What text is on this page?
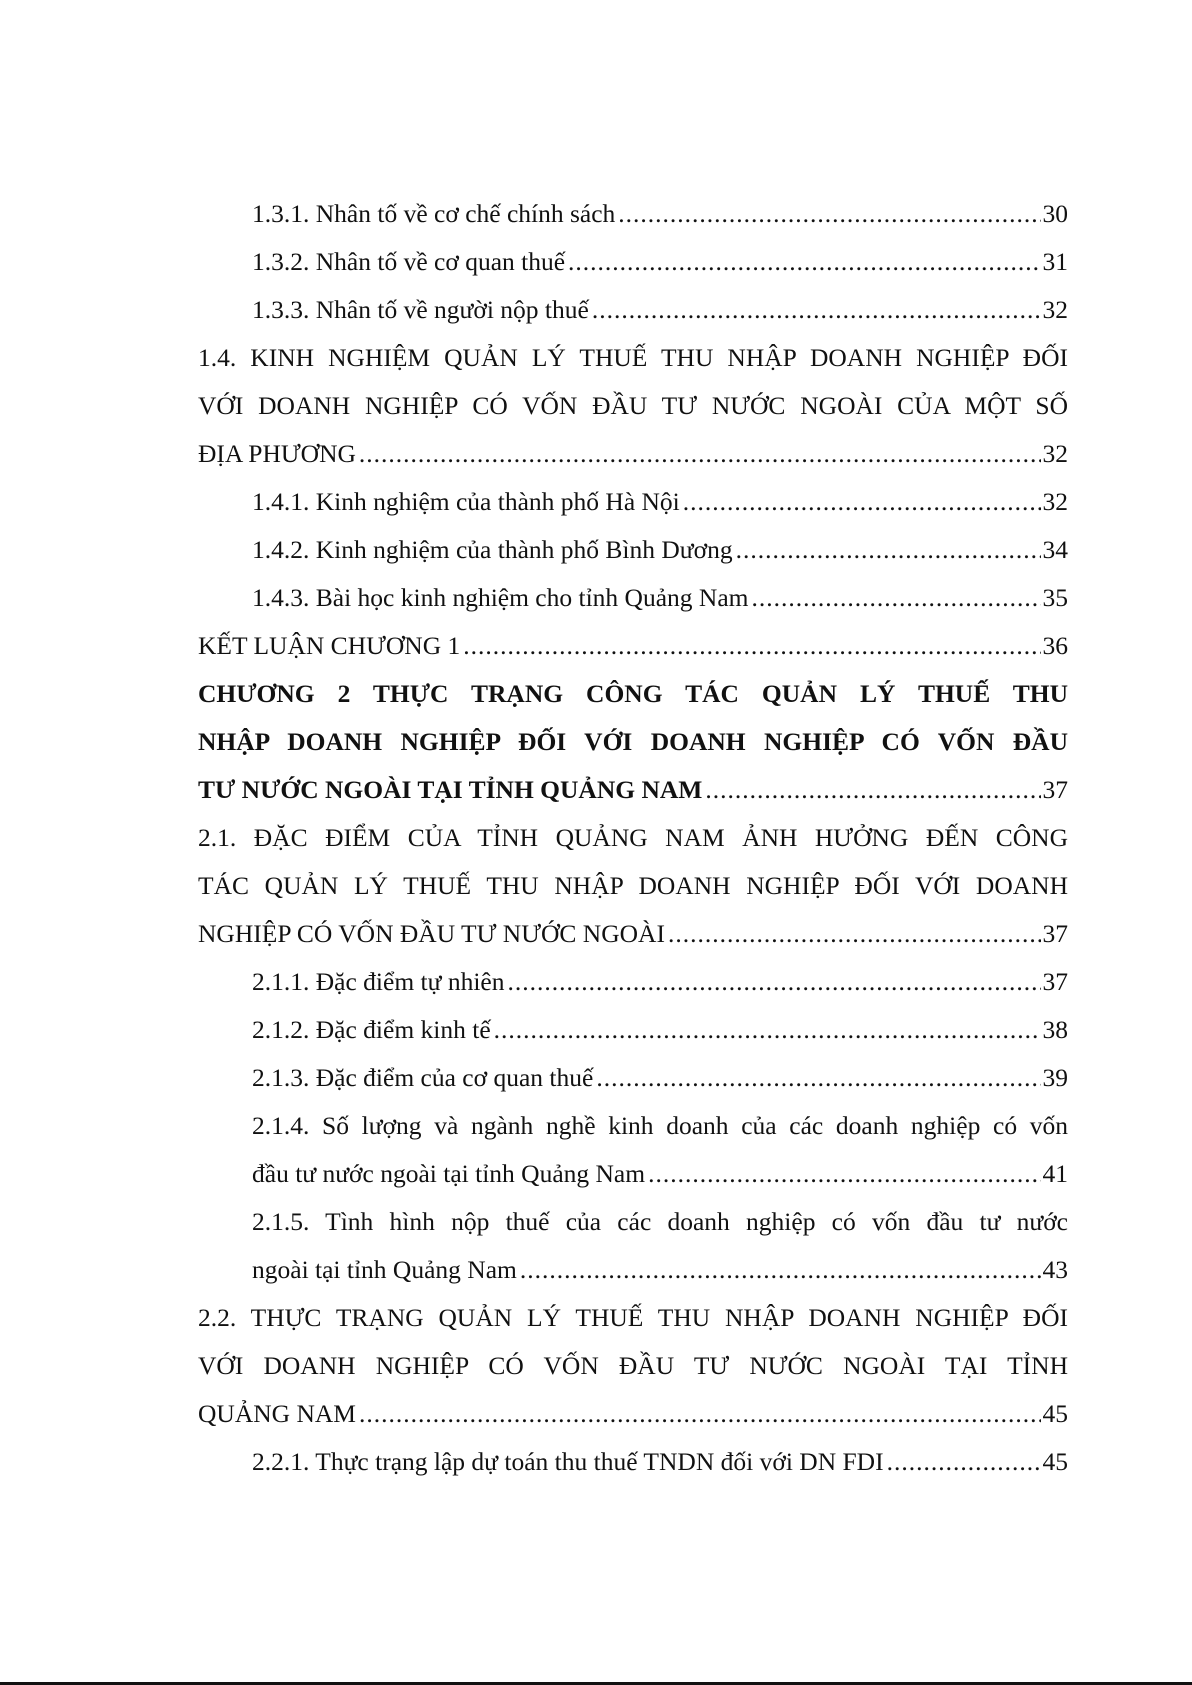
1.3.1. Nhân tố về cơ chế chính sách .....	30
1.3.2. Nhân tố về cơ quan thuế .....	31
1.3.3. Nhân tố về người nộp thuế .....	32
1.4. KINH NGHIỆM QUẢN LÝ THUẾ THU NHẬP DOANH NGHIỆP ĐỐI
VỚI DOANH NGHIỆP CÓ VỐN ĐẦU TƯ NƯỚC NGOÀI CỦA MỘT SỐ
ĐỊA PHƯƠNG .....	32
1.4.1. Kinh nghiệm của thành phố Hà Nội .....	32
1.4.2. Kinh nghiệm của thành phố Bình Dương .....	34
1.4.3. Bài học kinh nghiệm cho tỉnh Quảng Nam .....	35
KẾT LUẬN CHƯƠNG 1 .....	36
CHƯƠNG 2 THỰC TRẠNG CÔNG TÁC QUẢN LÝ THUẾ THU
NHẬP DOANH NGHIỆP ĐỐI VỚI DOANH NGHIỆP CÓ VỐN ĐẦU
TƯ NƯỚC NGOÀI TẠI TỈNH QUẢNG NAM .....	37
2.1. ĐẶC ĐIỂM CỦA TỈNH QUẢNG NAM ẢNH HƯỞNG ĐẾN CÔNG
TÁC QUẢN LÝ THUẾ THU NHẬP DOANH NGHIỆP ĐỐI VỚI DOANH
NGHIỆP CÓ VỐN ĐẦU TƯ NƯỚC NGOÀI .....	37
2.1.1. Đặc điểm tự nhiên .....	37
2.1.2. Đặc điểm kinh tế .....	38
2.1.3. Đặc điểm của cơ quan thuế .....	39
2.1.4. Số lượng và ngành nghề kinh doanh của các doanh nghiệp có vốn
đầu tư nước ngoài tại tỉnh Quảng Nam .....	41
2.1.5. Tình hình nộp thuế của các doanh nghiệp có vốn đầu tư nước
ngoài tại tỉnh Quảng Nam .....	43
2.2. THỰC TRẠNG QUẢN LÝ THUẾ THU NHẬP DOANH NGHIỆP ĐỐI
VỚI DOANH NGHIỆP CÓ VỐN ĐẦU TƯ NƯỚC NGOÀI TẠI TỈNH
QUẢNG NAM .....	45
2.2.1. Thực trạng lập dự toán thu thuế TNDN đối với DN FDI .....	45
